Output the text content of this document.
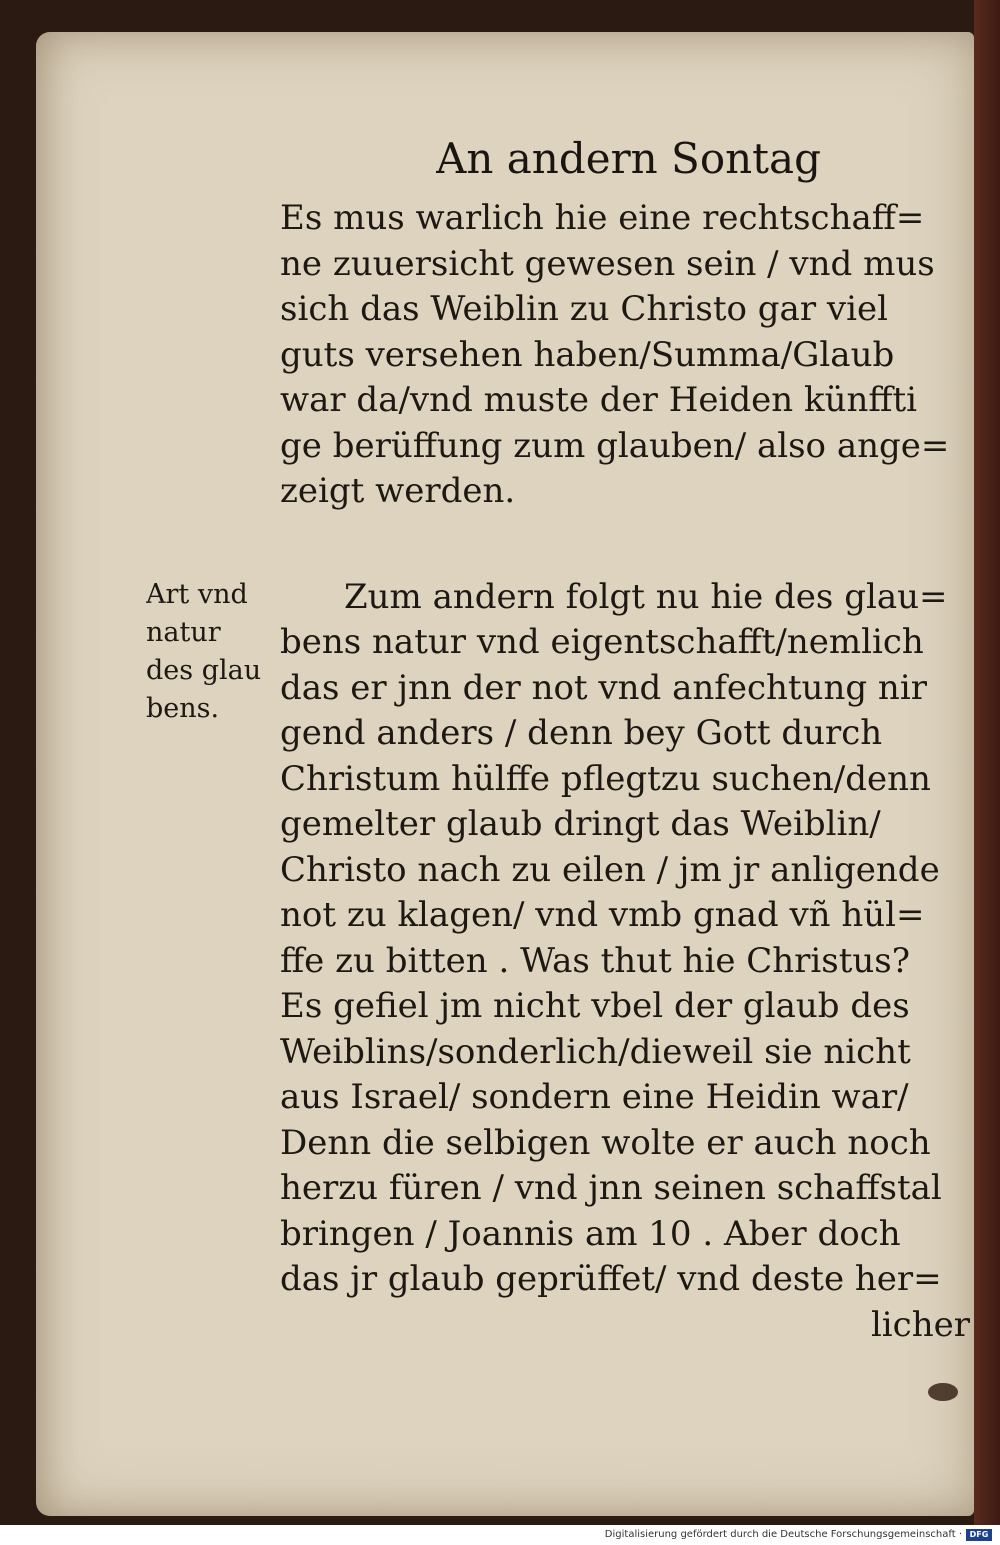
An andern Sontag
Es mus warlich hie eine rechtschaff=
ne zuuersicht gewesen sein / vnd mus
sich das Weiblin zu Christo gar viel
guts versehen haben/Summa/Glaub
war da/vnd muste der Heiden künffti
ge berüffung zum glauben/ also ange=
zeigt werden.
Zum andern folgt nu hie des glau=
bens natur vnd eigentschafft/nemlich
das er jnn der not vnd anfechtung nir
gend anders / denn bey Gott durch
Christum hülffe pflegtzu suchen/denn
gemelter glaub dringt das Weiblin/
Christo nach zu eilen / jm jr anligende
not zu klagen/ vnd vmb gnad vñ hül=
ffe zu bitten . Was thut hie Christus?
Es gefiel jm nicht vbel der glaub des
Weiblins/sonderlich/dieweil sie nicht
aus Israel/ sondern eine Heidin war/
Denn die selbigen wolte er auch noch
herzu füren / vnd jnn seinen schaffstal
bringen / Joannis am 10 . Aber doch
das jr glaub geprüffet/ vnd deste her=
licher
Art vnd
natur
des glau
bens.
Digitalisierung gefördert durch die Deutsche Forschungsgemeinschaft · DFG
